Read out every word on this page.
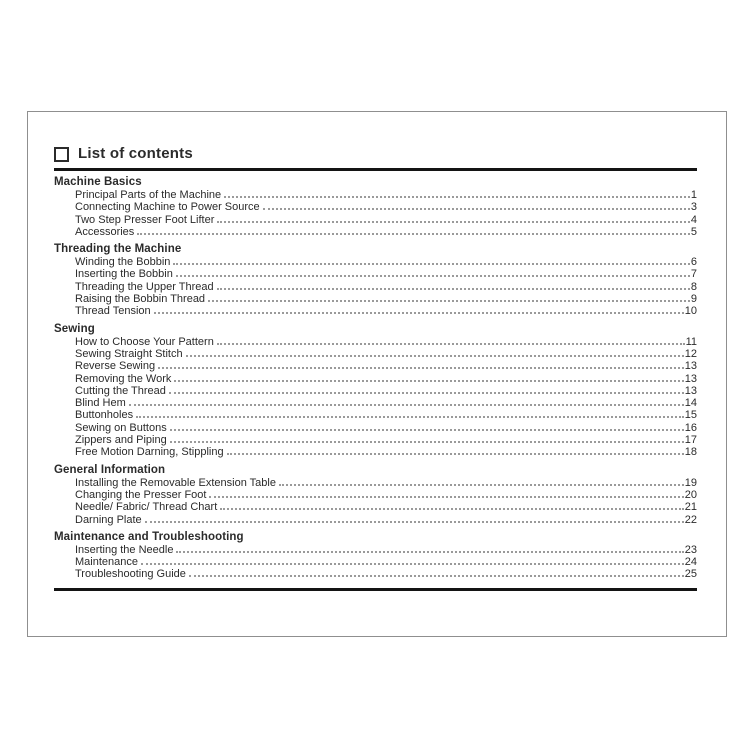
List of contents
Machine Basics
Principal Parts of the Machine	1
Connecting Machine to Power Source	3
Two Step Presser Foot Lifter	4
Accessories	5
Threading the Machine
Winding the Bobbin	6
Inserting the Bobbin	7
Threading the Upper Thread	8
Raising the Bobbin Thread	9
Thread Tension	10
Sewing
How to Choose Your Pattern	11
Sewing Straight Stitch	12
Reverse Sewing	13
Removing the Work	13
Cutting the Thread	13
Blind Hem	14
Buttonholes	15
Sewing on Buttons	16
Zippers and Piping	17
Free Motion Darning, Stippling	18
General Information
Installing the Removable Extension Table	19
Changing the Presser Foot	20
Needle/ Fabric/ Thread Chart	21
Darning Plate	22
Maintenance and Troubleshooting
Inserting the Needle	23
Maintenance	24
Troubleshooting Guide	25
